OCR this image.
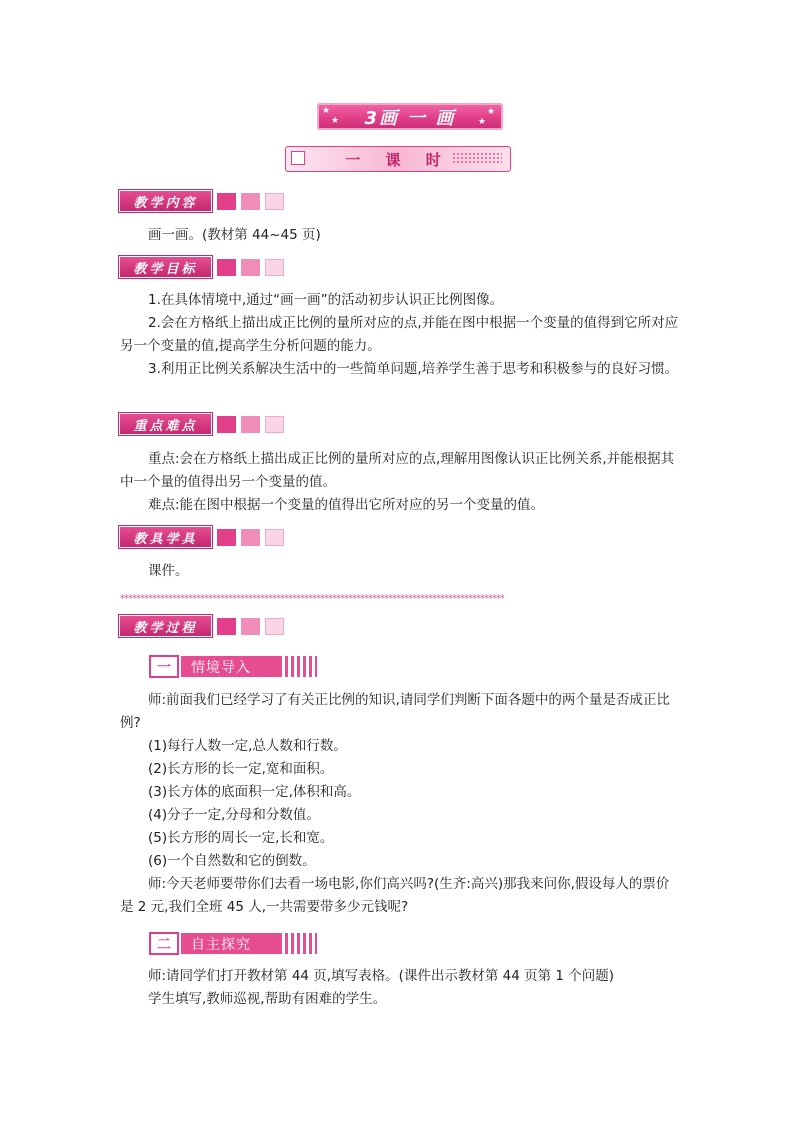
★
★
★
★
3画 一 画
一 课 时
教学内容
画一画。(教材第 44~45 页)
教学目标
1.在具体情境中,通过“画一画”的活动初步认识正比例图像。
2.会在方格纸上描出成正比例的量所对应的点,并能在图中根据一个变量的值得到它所对应另一个变量的值,提高学生分析问题的能力。
3.利用正比例关系解决生活中的一些简单问题,培养学生善于思考和积极参与的良好习惯。
重点难点
重点:会在方格纸上描出成正比例的量所对应的点,理解用图像认识正比例关系,并能根据其中一个量的值得出另一个变量的值。
难点:能在图中根据一个变量的值得出它所对应的另一个变量的值。
教具学具
课件。
************************************************************************************************
教学过程
一	情境导入
师:前面我们已经学习了有关正比例的知识,请同学们判断下面各题中的两个量是否成正比例?
(1)每行人数一定,总人数和行数。
(2)长方形的长一定,宽和面积。
(3)长方体的底面积一定,体积和高。
(4)分子一定,分母和分数值。
(5)长方形的周长一定,长和宽。
(6)一个自然数和它的倒数。
师:今天老师要带你们去看一场电影,你们高兴吗?(生齐:高兴)那我来问你,假设每人的票价是 2 元,我们全班 45 人,一共需要带多少元钱呢?
二	自主探究
师:请同学们打开教材第 44 页,填写表格。(课件出示教材第 44 页第 1 个问题)
学生填写,教师巡视,帮助有困难的学生。
